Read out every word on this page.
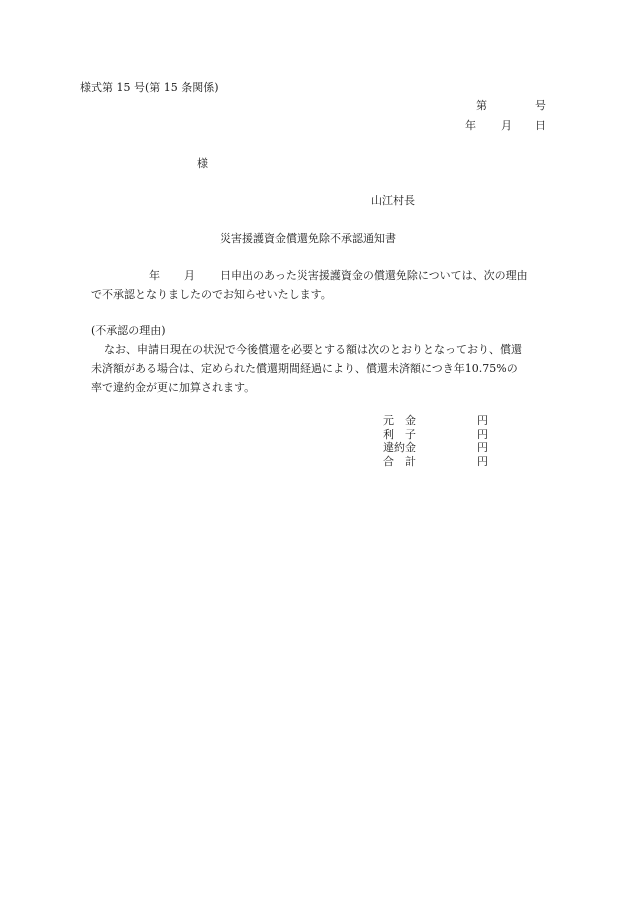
様式第 15 号(第 15 条関係)
第	号
年 月 日
様
山江村長
災害援護資金償還免除不承認通知書
年 月 日申出のあった災害援護資金の償還免除については、次の理由
で不承認となりましたのでお知らせいたします。
(不承認の理由)
なお、申請日現在の状況で今後償還を必要とする額は次のとおりとなっており、償還
未済額がある場合は、定められた償還期間経過により、償還未済額につき年10.75%の
率で違約金が更に加算されます。
元　金	円
利　子	円
違約金	円
合　計	円
